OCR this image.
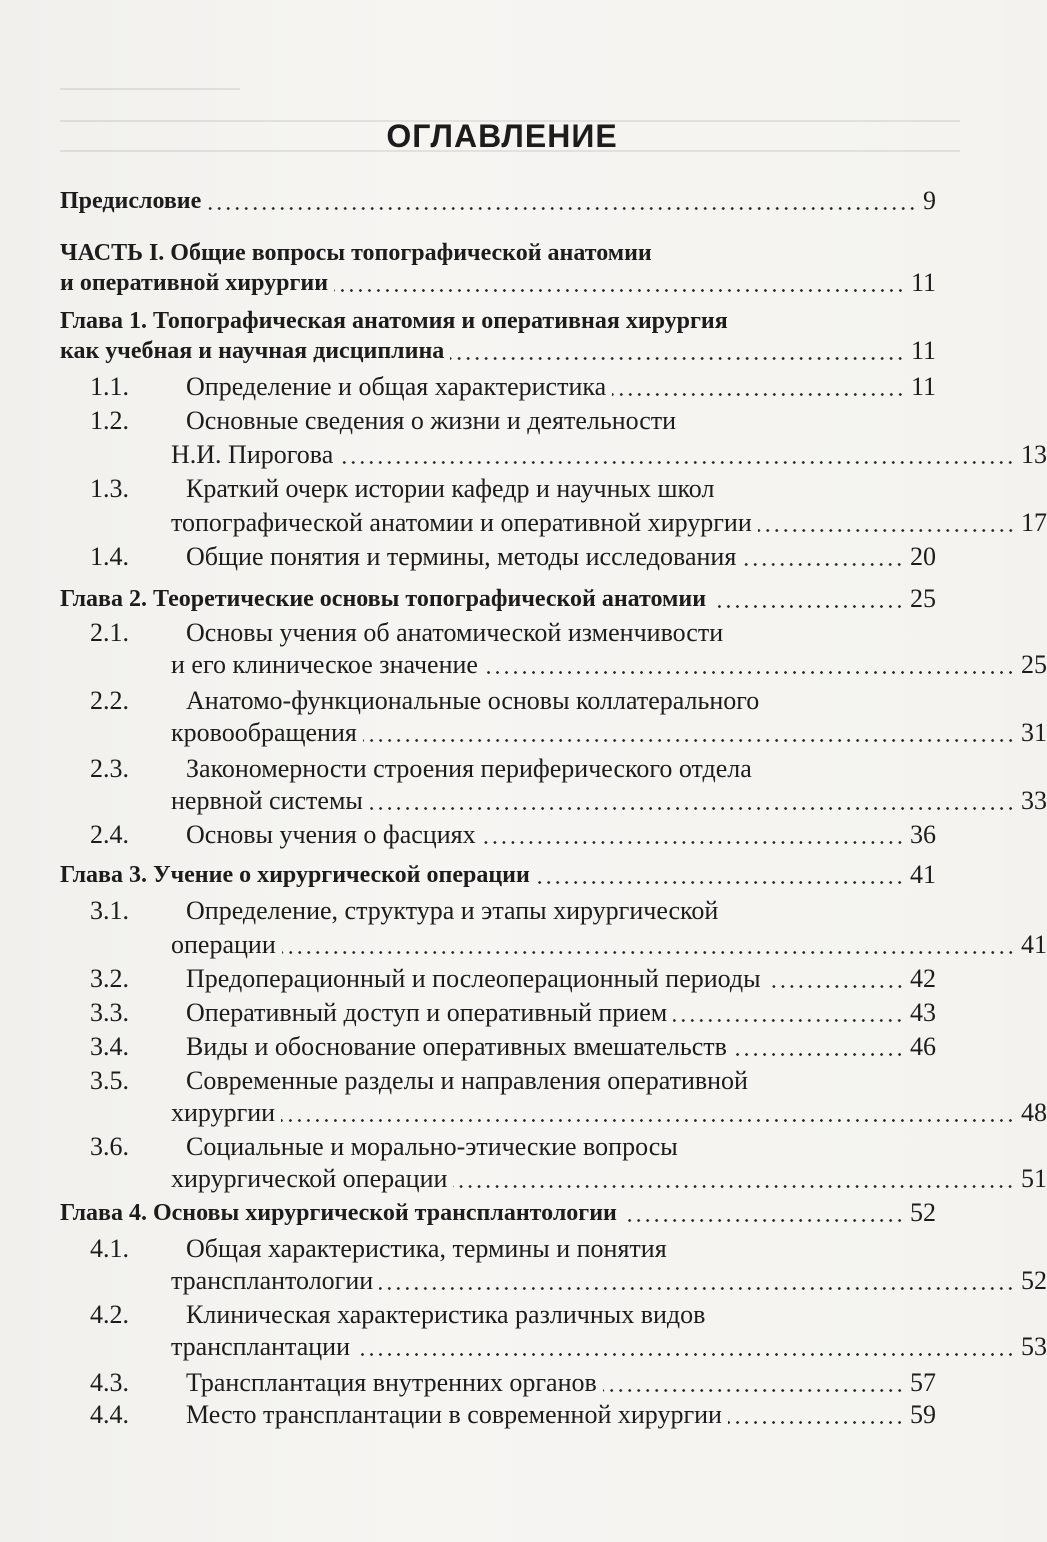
ОГЛАВЛЕНИЕ
Предисловие	9
ЧАСТЬ I. Общие вопросы топографической анатомии
и оперативной хирургии	11
Глава 1. Топографическая анатомия и оперативная хирургия
как учебная и научная дисциплина	11
1.1.	Определение и общая характеристика	11
1.2.	Основные сведения о жизни и деятельности
Н.И. Пирогова	13
1.3.	Краткий очерк истории кафедр и научных школ
топографической анатомии и оперативной хирургии	17
1.4.	Общие понятия и термины, методы исследования	20
Глава 2. Теоретические основы топографической анатомии	25
2.1.	Основы учения об анатомической изменчивости
и его клиническое значение	25
2.2.	Анатомо-функциональные основы коллатерального
кровообращения	31
2.3.	Закономерности строения периферического отдела
нервной системы	33
2.4.	Основы учения о фасциях	36
Глава 3. Учение о хирургической операции	41
3.1.	Определение, структура и этапы хирургической
операции	41
3.2.	Предоперационный и послеоперационный периоды	42
3.3.	Оперативный доступ и оперативный прием	43
3.4.	Виды и обоснование оперативных вмешательств	46
3.5.	Современные разделы и направления оперативной
хирургии	48
3.6.	Социальные и морально-этические вопросы
хирургической операции	51
Глава 4. Основы хирургической трансплантологии	52
4.1.	Общая характеристика, термины и понятия
трансплантологии	52
4.2.	Клиническая характеристика различных видов
трансплантации	53
4.3.	Трансплантация внутренних органов	57
4.4.	Место трансплантации в современной хирургии	59
